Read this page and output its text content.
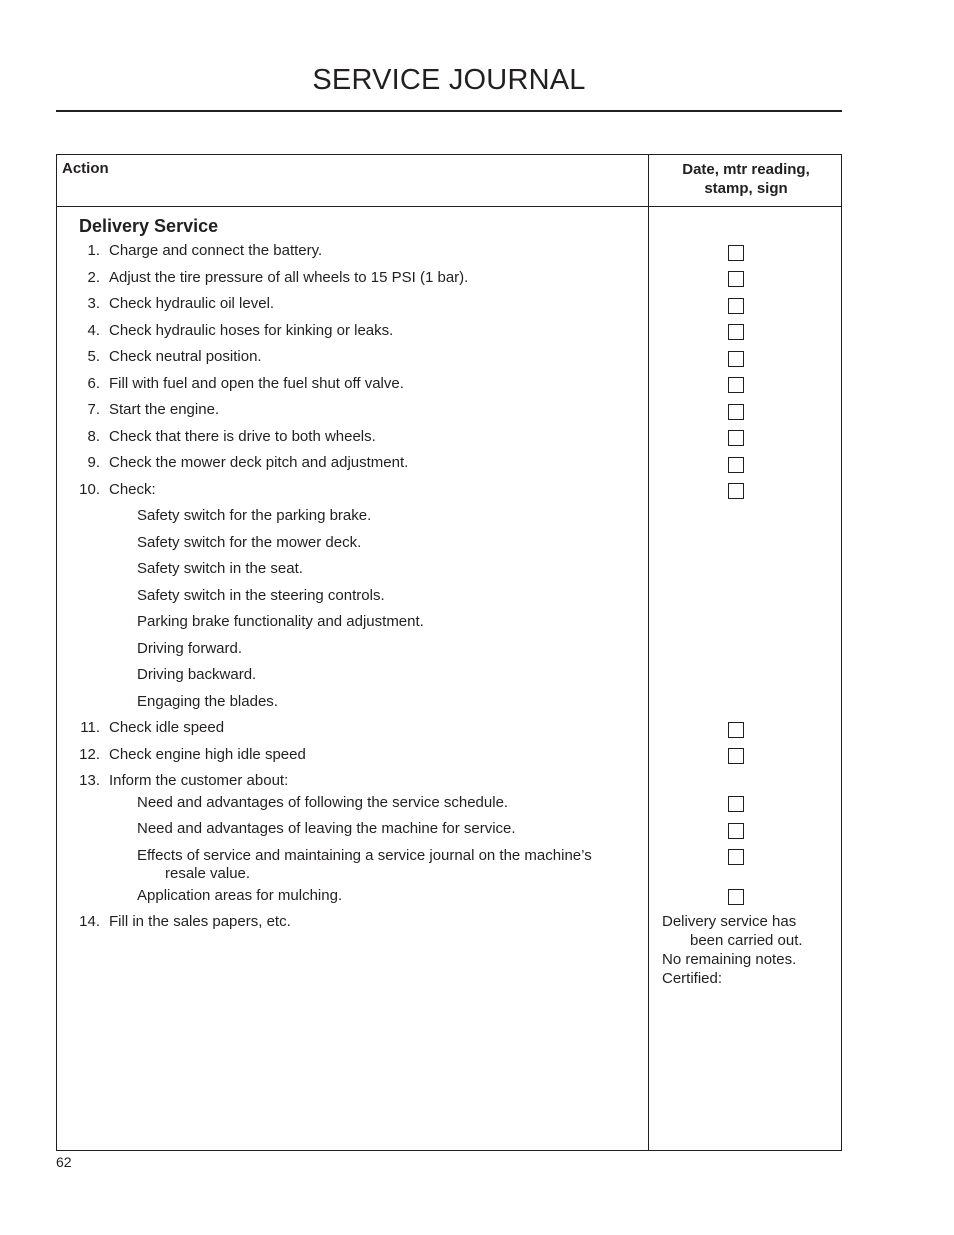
SERVICE JOURNAL
Action	Date, mtr reading,
stamp, sign
Delivery Service
1. Charge and connect the battery.
2. Adjust the tire pressure of all wheels to 15 PSI (1 bar).
3. Check hydraulic oil level.
4. Check hydraulic hoses for kinking or leaks.
5. Check neutral position.
6. Fill with fuel and open the fuel shut off valve.
7. Start the engine.
8. Check that there is drive to both wheels.
9. Check the mower deck pitch and adjustment.
10. Check:
Safety switch for the parking brake.
Safety switch for the mower deck.
Safety switch in the seat.
Safety switch in the steering controls.
Parking brake functionality and adjustment.
Driving forward.
Driving backward.
Engaging the blades.
11. Check idle speed
12. Check engine high idle speed
13. Inform the customer about:
Need and advantages of following the service schedule.
Need and advantages of leaving the machine for service.
Effects of service and maintaining a service journal on the machine’s
resale value.
Application areas for mulching.
14. Fill in the sales papers, etc.	Delivery service has
been carried out.
No remaining notes.
Certified:
62
